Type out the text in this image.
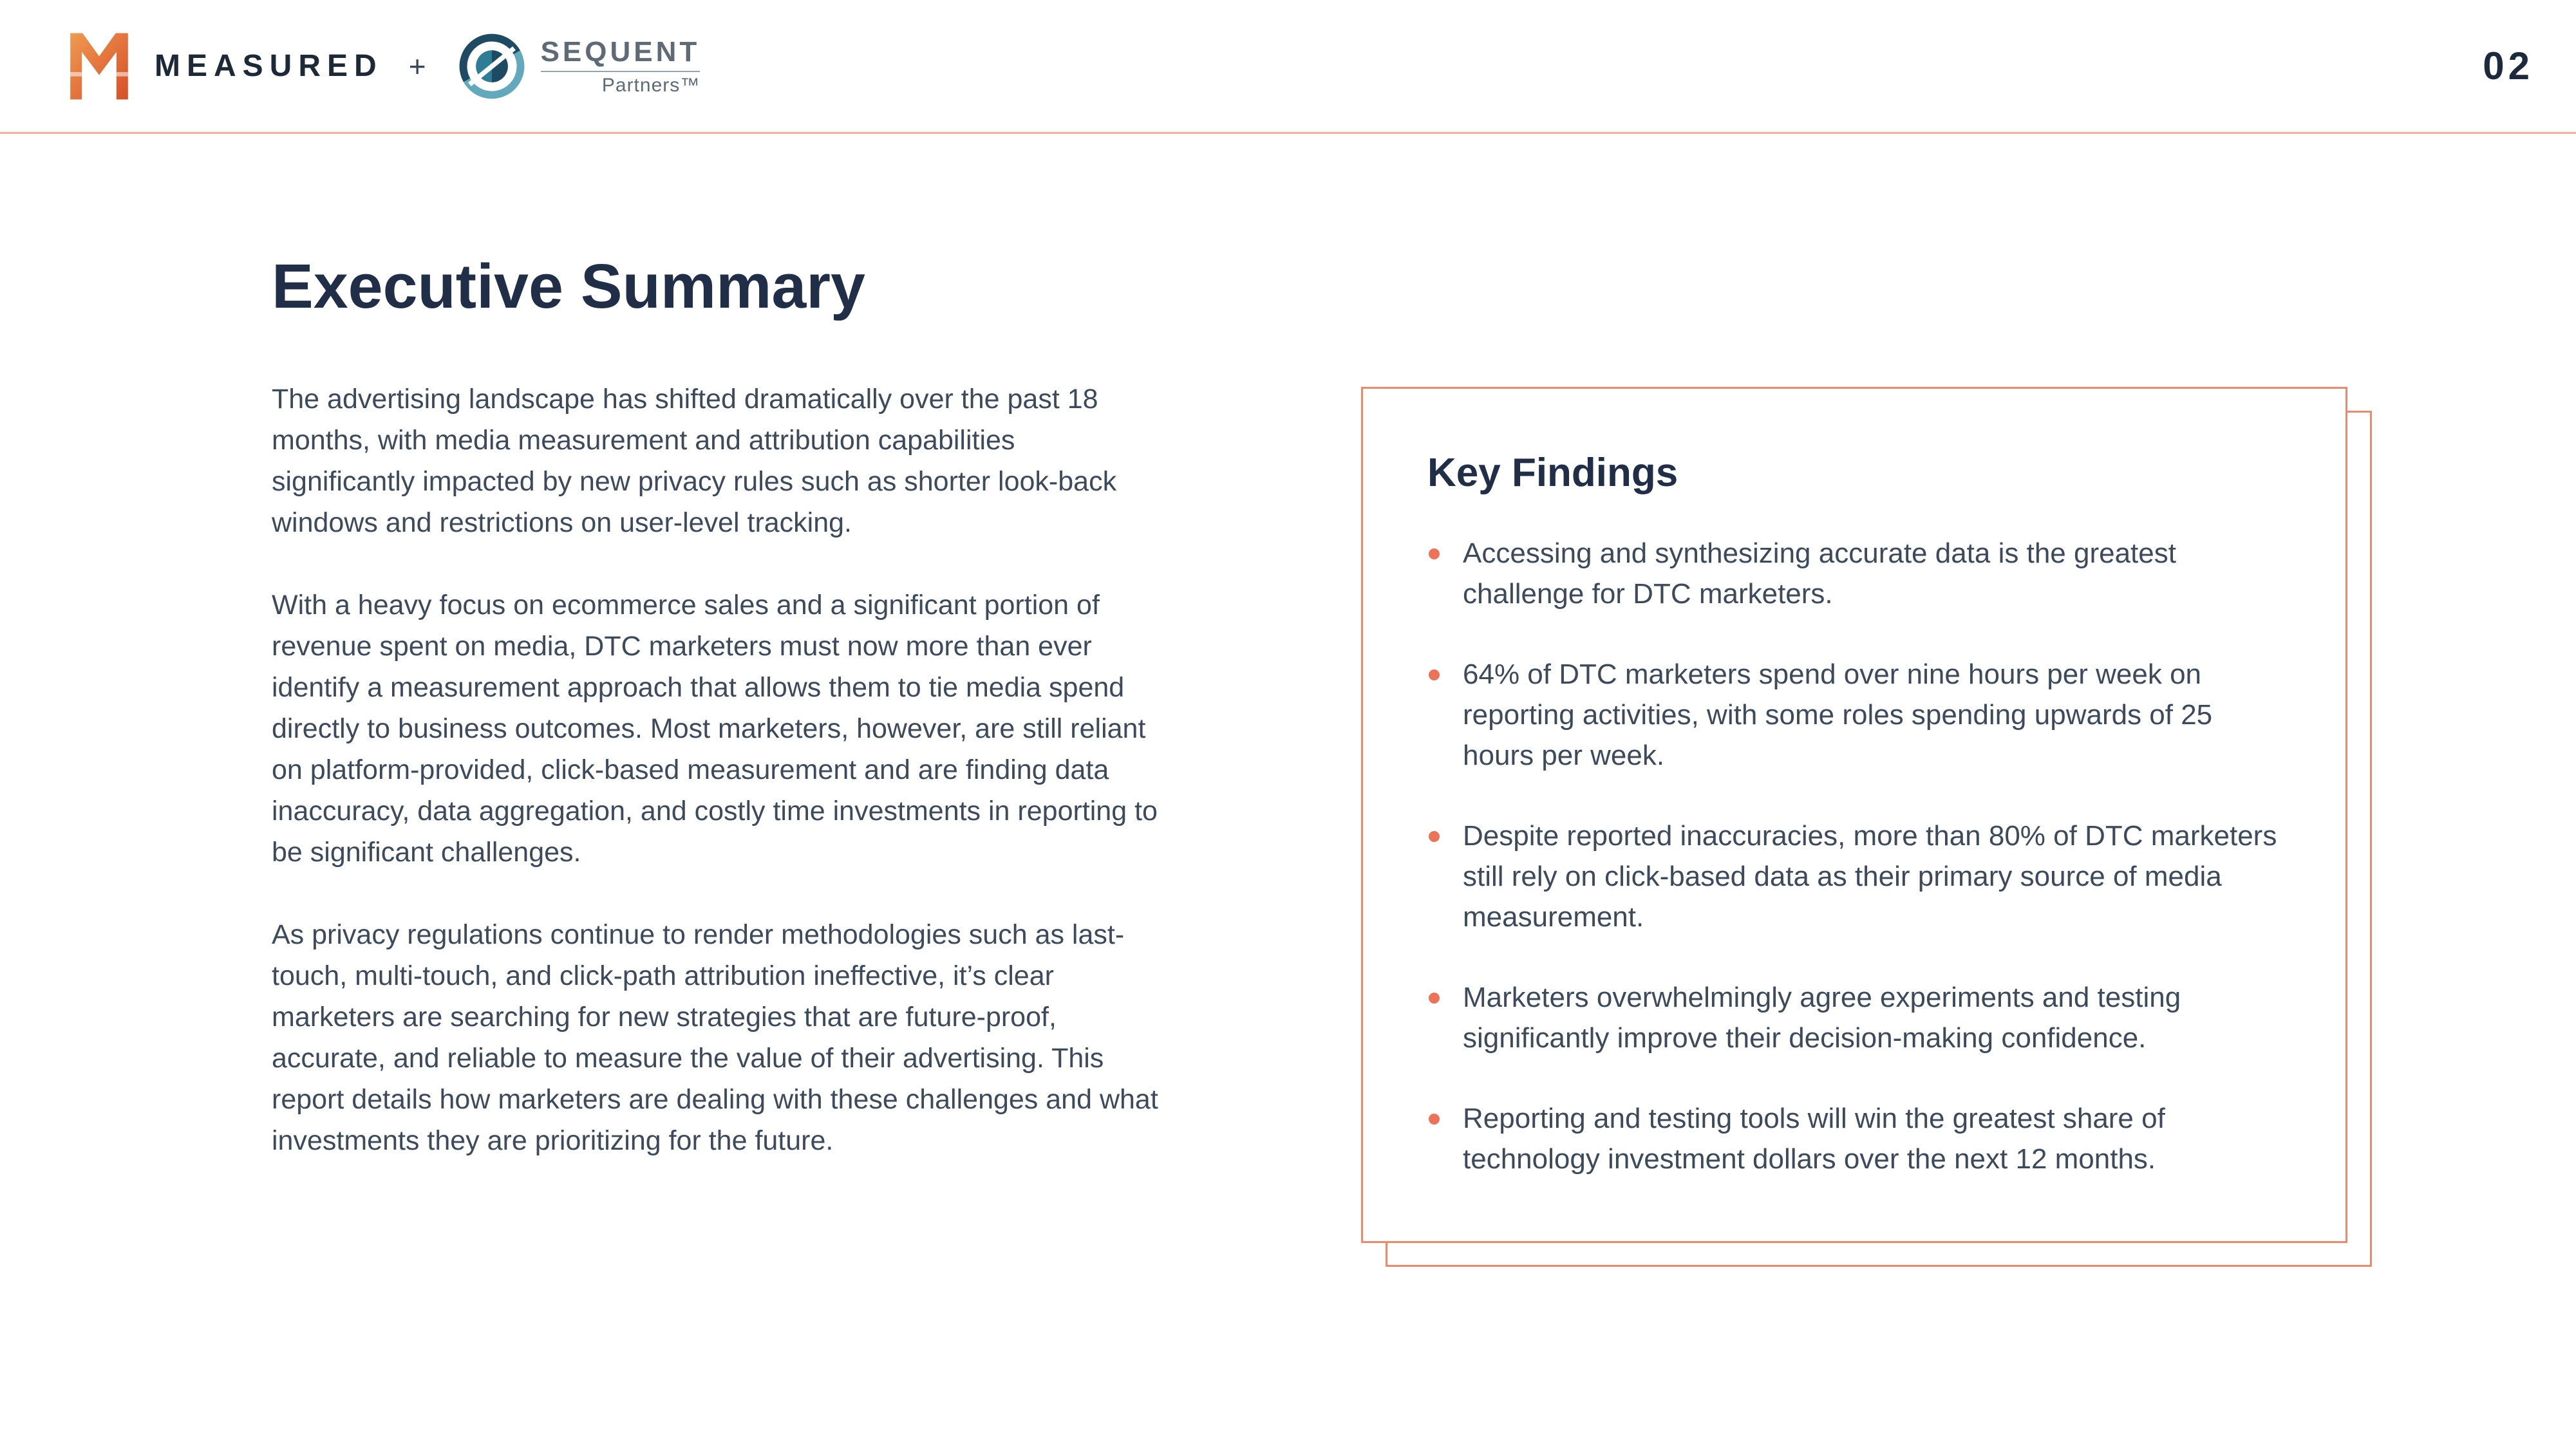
MEASURED +	SEQUENT
Partners™	02
Executive Summary

The advertising landscape has shifted dramatically over the past 18 months, with media measurement and attribution capabilities significantly impacted by new privacy rules such as shorter look-back windows and restrictions on user-level tracking.

With a heavy focus on ecommerce sales and a significant portion of revenue spent on media, DTC marketers must now more than ever identify a measurement approach that allows them to tie media spend directly to business outcomes. Most marketers, however, are still reliant on platform-provided, click-based measurement and are finding data inaccuracy, data aggregation, and costly time investments in reporting to be significant challenges.

As privacy regulations continue to render methodologies such as last-touch, multi-touch, and click-path attribution ineffective, it’s clear marketers are searching for new strategies that are future-proof, accurate, and reliable to measure the value of their advertising. This report details how marketers are dealing with these challenges and what investments they are prioritizing for the future.

Key Findings
Accessing and synthesizing accurate data is the greatest challenge for DTC marketers.
64% of DTC marketers spend over nine hours per week on reporting activities, with some roles spending upwards of 25 hours per week.
Despite reported inaccuracies, more than 80% of DTC marketers still rely on click-based data as their primary source of media measurement.
Marketers overwhelmingly agree experiments and testing significantly improve their decision-making confidence.
Reporting and testing tools will win the greatest share of technology investment dollars over the next 12 months.
